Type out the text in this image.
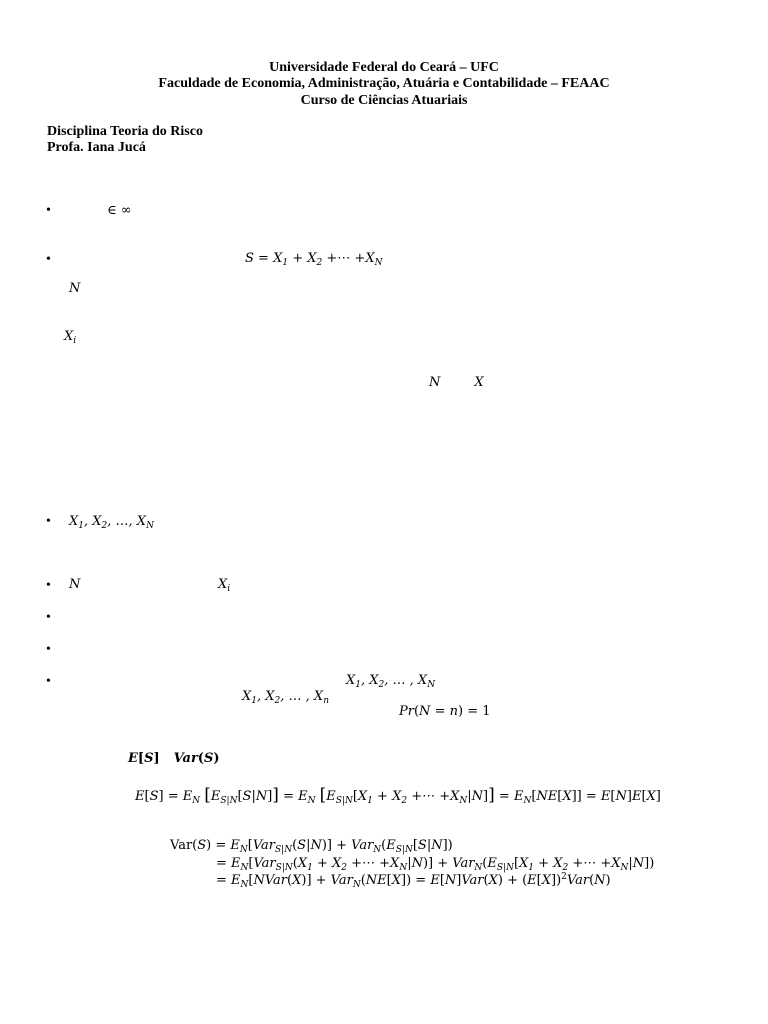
Universidade Federal do Ceará – UFC
Faculdade de Economia, Administração, Atuária e Contabilidade – FEAAC
Curso de Ciências Atuariais
Disciplina Teoria do Risco
Profa. Iana Jucá
•	∈ ∞
•	$S = X_1 + X_2$ +⋯ $+X_N$
N
$X_i$
N	X
• $X_1$, $X_2$, …, $X_N$
• N	$X_i$
•
•
•	$X_1$, $X_2$, … , $X_N$
$X_1$, $X_2$, … , $X_n$
Pr(N = n) = 1
E[S] Var(S)
$E[S] = E_N$ $[E_{S|N}[S|N]] = E_N$ [$E_{S|N}[X_1 + X_2$ +⋯ $+X_N|N]] = E_N[NE[X]] = E[N]E[X]$
$Var(S) = E_N[Var_{S|N}(S|N)] + Var_N(E_{S|N}[S|N])$
= $E_N[Var_{S|N}(X_1 + X_2$ +⋯ $+X_N|N)] + Var_N(E_{S|N}[X_1 + X_2$ +⋯ $+X_N|N$])
= $E_N[NVar(X)] + Var_N(NE[X]) = E[N]Var(X) + (E[X])^2Var(N)$
